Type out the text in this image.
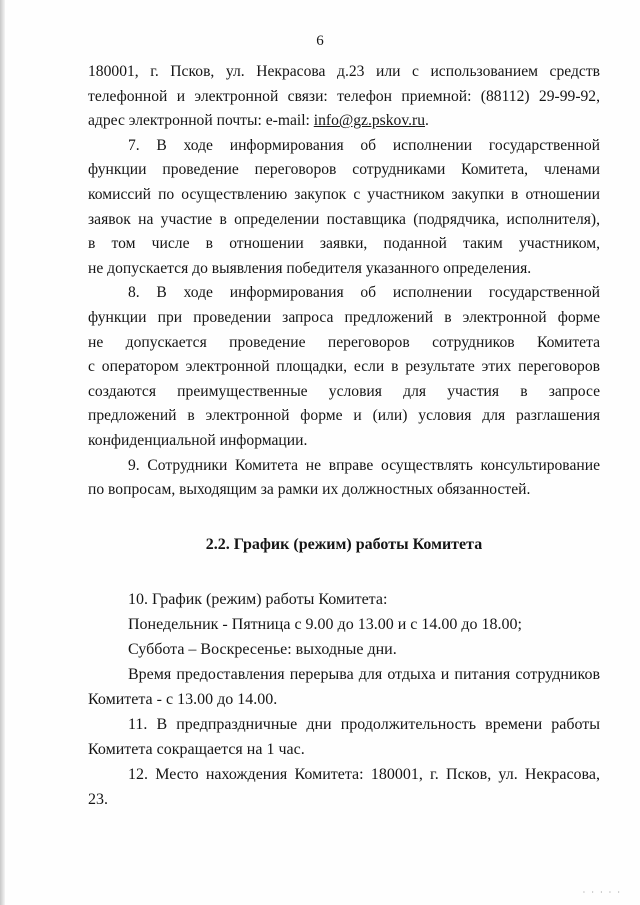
6
180001, г. Псков, ул. Некрасова д.23 или с использованием средств
телефонной и электронной связи: телефон приемной: (88112) 29-99-92,
адрес электронной почты: e-mail: info@gz.pskov.ru.
7. В ходе информирования об исполнении государственной
функции проведение переговоров сотрудниками Комитета, членами
комиссий по осуществлению закупок с участником закупки в отношении
заявок на участие в определении поставщика (подрядчика, исполнителя),
в том числе в отношении заявки, поданной таким участником,
не допускается до выявления победителя указанного определения.
8. В ходе информирования об исполнении государственной
функции при проведении запроса предложений в электронной форме
не допускается проведение переговоров сотрудников Комитета
с оператором электронной площадки, если в результате этих переговоров
создаются преимущественные условия для участия в запросе
предложений в электронной форме и (или) условия для разглашения
конфиденциальной информации.
9. Сотрудники Комитета не вправе осуществлять консультирование
по вопросам, выходящим за рамки их должностных обязанностей.
2.2. График (режим) работы Комитета
10. График (режим) работы Комитета:
Понедельник - Пятница с 9.00 до 13.00 и с 14.00 до 18.00;
Суббота – Воскресенье: выходные дни.
Время предоставления перерыва для отдыха и питания сотрудников
Комитета - с 13.00 до 14.00.
11. В предпраздничные дни продолжительность времени работы
Комитета сокращается на 1 час.
12. Место нахождения Комитета: 180001, г. Псков, ул. Некрасова,
23.
· · · · ·
